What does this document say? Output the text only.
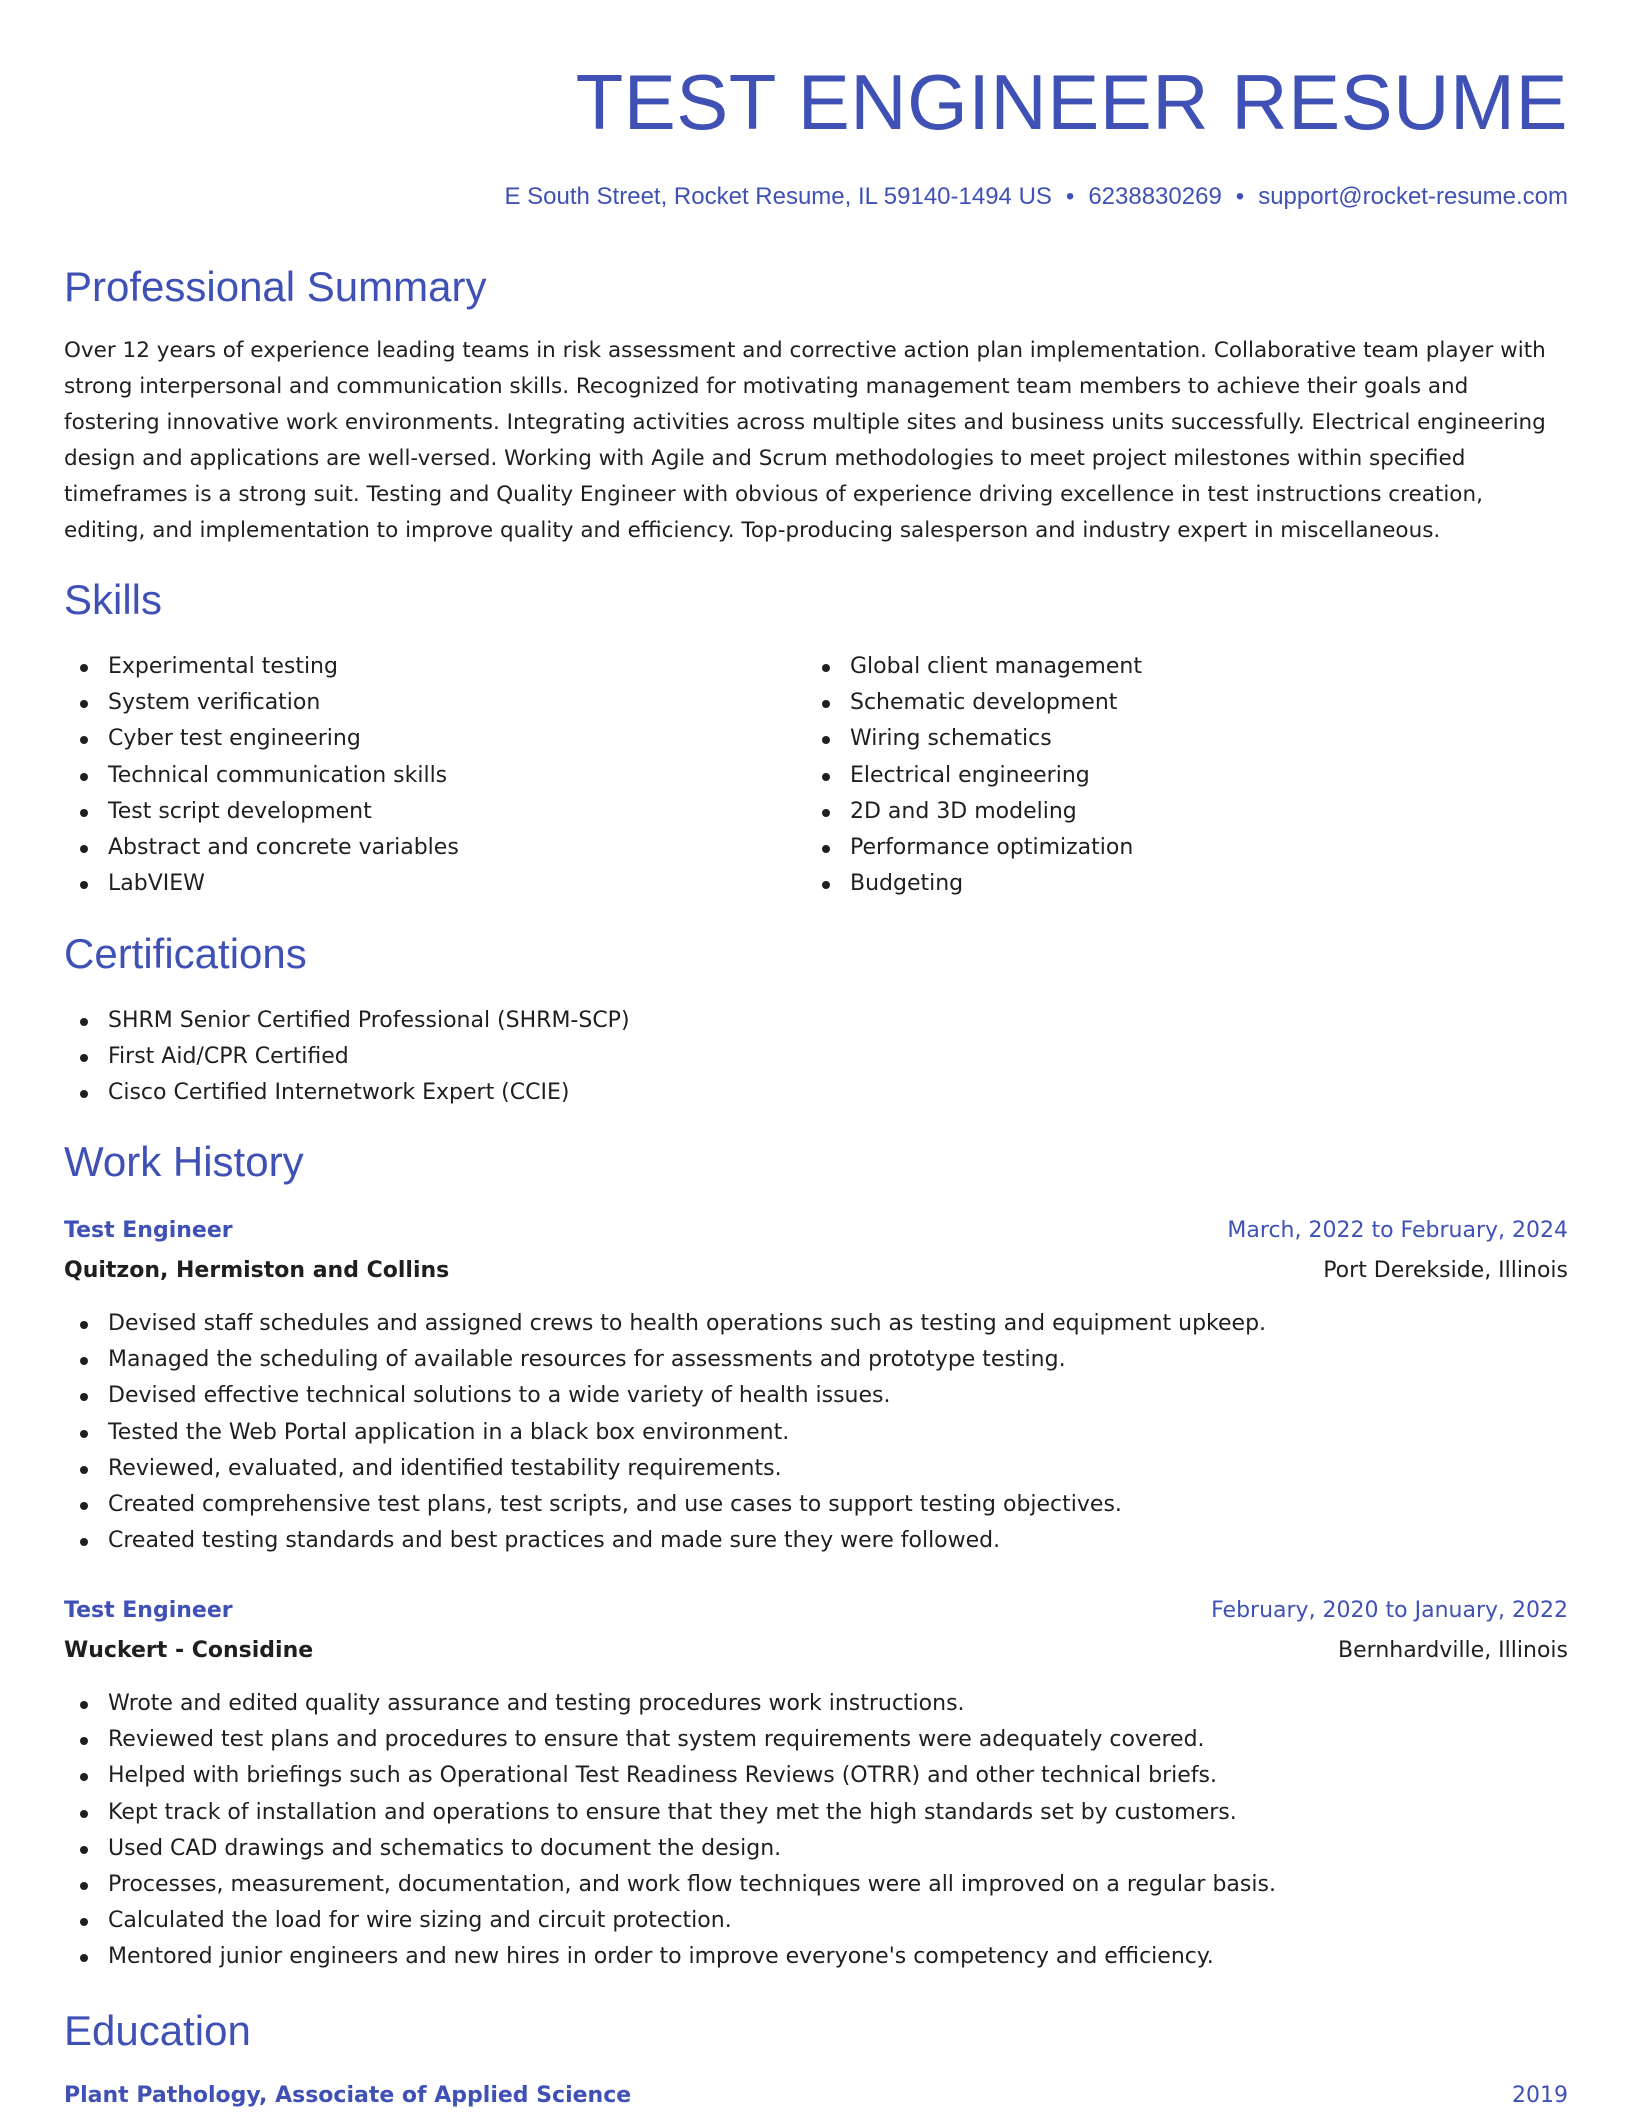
TEST ENGINEER RESUME
E South Street, Rocket Resume, IL 59140-1494 US • 6238830269 • support@rocket-resume.com
Professional Summary

Over 12 years of experience leading teams in risk assessment and corrective action plan implementation. Collaborative team player with strong interpersonal and communication skills. Recognized for motivating management team members to achieve their goals and fostering innovative work environments. Integrating activities across multiple sites and business units successfully. Electrical engineering design and applications are well-versed. Working with Agile and Scrum methodologies to meet project milestones within specified timeframes is a strong suit. Testing and Quality Engineer with obvious of experience driving excellence in test instructions creation, editing, and implementation to improve quality and efficiency. Top-producing salesperson and industry expert in miscellaneous.

Skills
Experimental testing
System verification
Cyber test engineering
Technical communication skills
Test script development
Abstract and concrete variables
LabVIEW
Global client management
Schematic development
Wiring schematics
Electrical engineering
2D and 3D modeling
Performance optimization
Budgeting
Certifications
SHRM Senior Certified Professional (SHRM-SCP)
First Aid/CPR Certified
Cisco Certified Internetwork Expert (CCIE)
Work History
Test Engineer	March, 2022 to February, 2024
Quitzon, Hermiston and Collins	Port Derekside, Illinois
Devised staff schedules and assigned crews to health operations such as testing and equipment upkeep.
Managed the scheduling of available resources for assessments and prototype testing.
Devised effective technical solutions to a wide variety of health issues.
Tested the Web Portal application in a black box environment.
Reviewed, evaluated, and identified testability requirements.
Created comprehensive test plans, test scripts, and use cases to support testing objectives.
Created testing standards and best practices and made sure they were followed.
Test Engineer	February, 2020 to January, 2022
Wuckert - Considine	Bernhardville, Illinois
Wrote and edited quality assurance and testing procedures work instructions.
Reviewed test plans and procedures to ensure that system requirements were adequately covered.
Helped with briefings such as Operational Test Readiness Reviews (OTRR) and other technical briefs.
Kept track of installation and operations to ensure that they met the high standards set by customers.
Used CAD drawings and schematics to document the design.
Processes, measurement, documentation, and work flow techniques were all improved on a regular basis.
Calculated the load for wire sizing and circuit protection.
Mentored junior engineers and new hires in order to improve everyone's competency and efficiency.
Education
Plant Pathology, Associate of Applied Science	2019
